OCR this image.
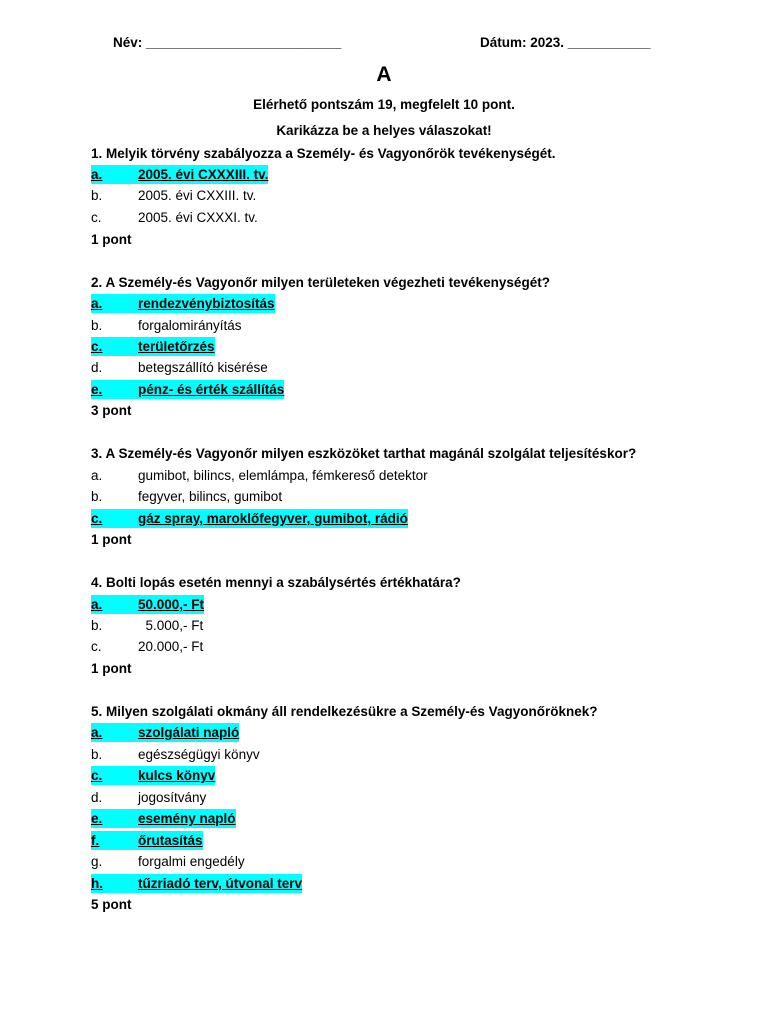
Név: __________________________	Dátum: 2023. ___________
A
Elérhető pontszám 19, megfelelt 10 pont.
Karikázza be a helyes válaszokat!
1. Melyik törvény szabályozza a Személy- és Vagyonőrök tevékenységét.
a.	2005. évi CXXXIII. tv.
b.	2005. évi CXXIII. tv.
c.	2005. évi CXXXI. tv.
1 pont
2. A Személy-és Vagyonőr milyen területeken végezheti tevékenységét?
a.	rendezvénybiztosítás
b.	forgalomirányítás
c.	területőrzés
d.	betegszállító kisérése
e.	pénz- és érték szállítás
3 pont
3. A Személy-és Vagyonőr milyen eszközöket tarthat magánál szolgálat teljesítéskor?
a.	gumibot, bilincs, elemlámpa, fémkereső detektor
b.	fegyver, bilincs, gumibot
c.	gáz spray, maroklőfegyver, gumibot, rádió
1 pont
4. Bolti lopás esetén mennyi a szabálysértés értékhatára?
a.	50.000,- Ft
b.	5.000,- Ft
c.	20.000,- Ft
1 pont
5. Milyen szolgálati okmány áll rendelkezésükre a Személy-és Vagyonőröknek?
a.	szolgálati napló
b.	egészségügyi könyv
c.	kulcs könyv
d.	jogosítvány
e.	esemény napló
f.	őrutasítás
g.	forgalmi engedély
h.	tűzriadó terv, útvonal terv
5 pont
